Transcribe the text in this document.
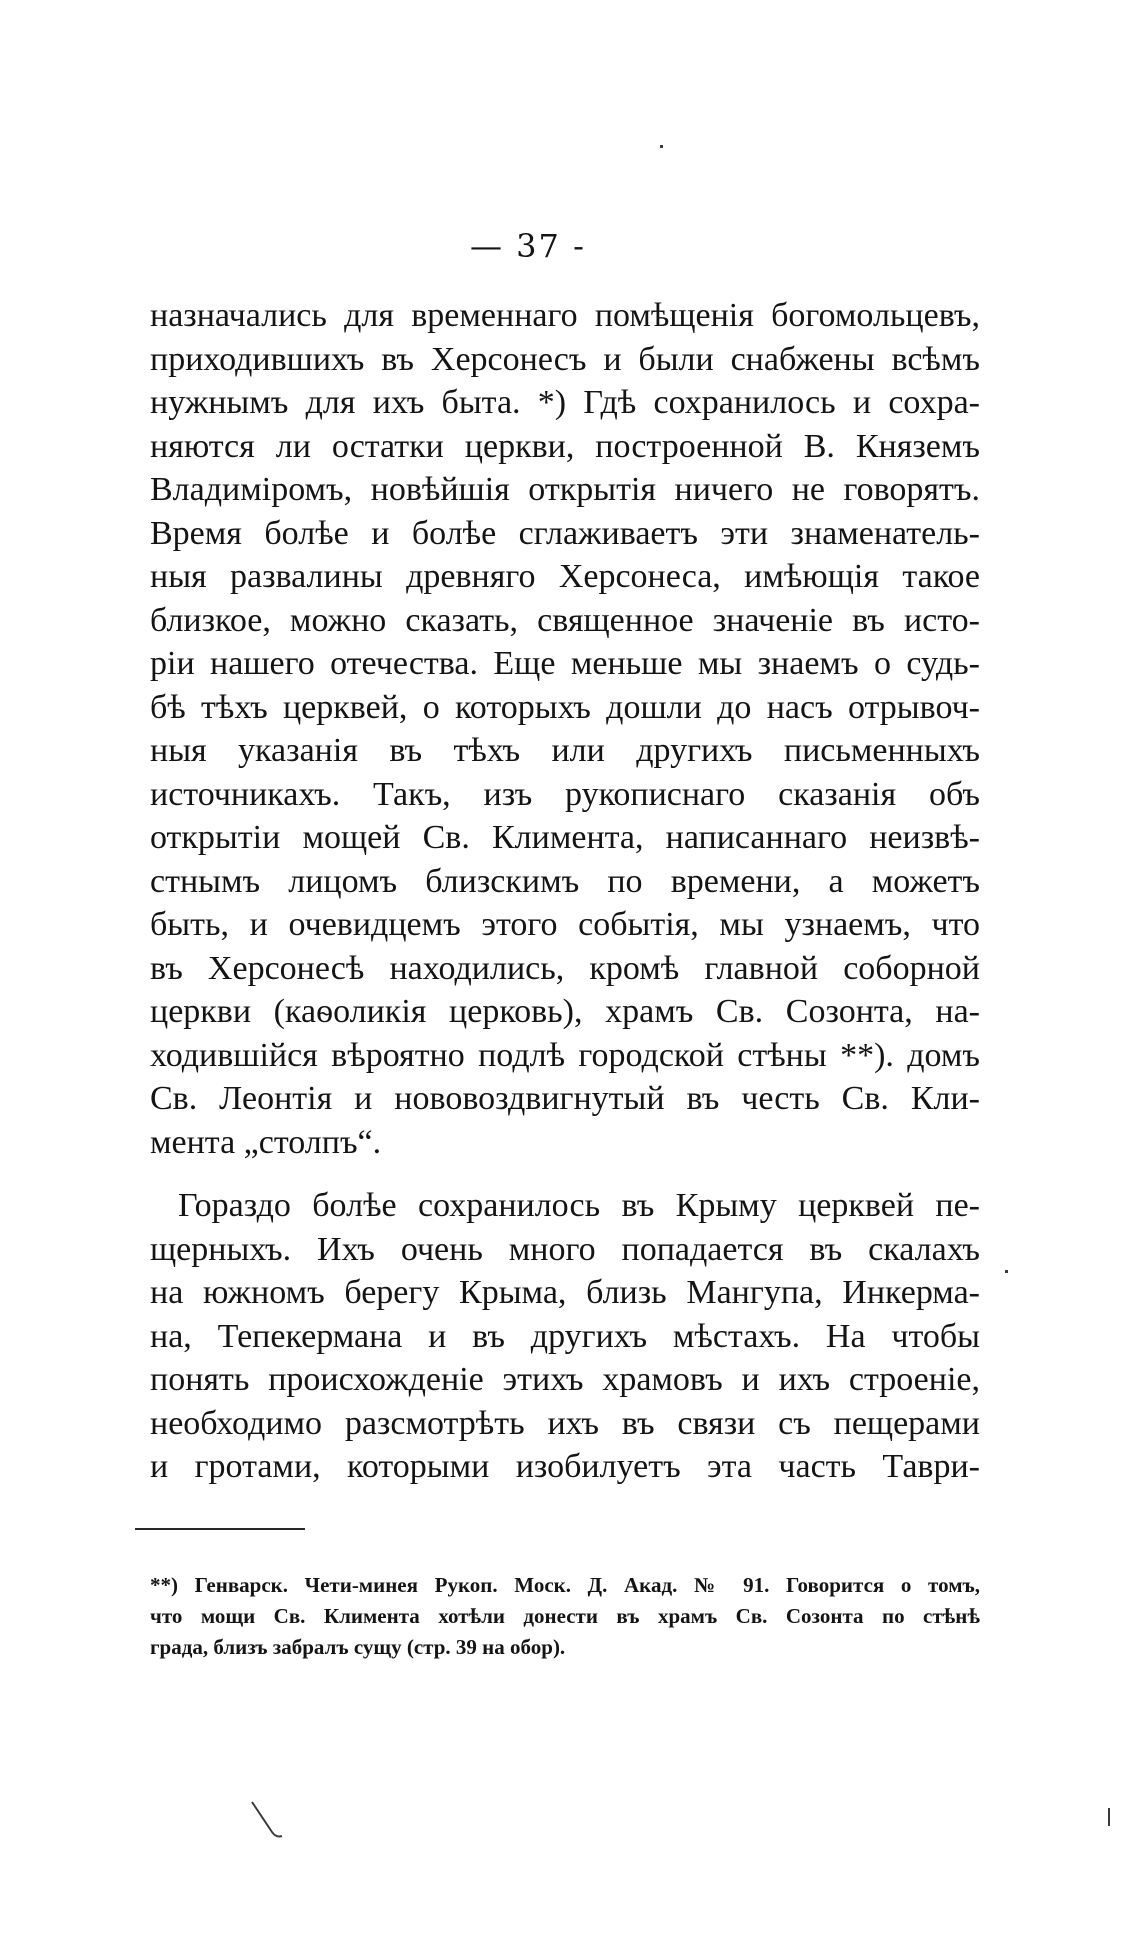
— 37 -
назначались для временнаго помѣщенія богомольцевъ,
приходившихъ въ Херсонесъ и были снабжены всѣмъ
нужнымъ для ихъ быта. *) Гдѣ сохранилось и сохра-
няются ли остатки церкви, построенной В. Княземъ
Владиміромъ, новѣйшія открытія ничего не говорятъ.
Время болѣе и болѣе сглаживаетъ эти знаменатель-
ныя развалины древняго Херсонеса, имѣющія такое
близкое, можно сказать, священное значеніе въ исто-
ріи нашего отечества. Еще меньше мы знаемъ о судь-
бѣ тѣхъ церквей, о которыхъ дошли до насъ отрывоч-
ныя указанія въ тѣхъ или другихъ письменныхъ
источникахъ. Такъ, изъ рукописнаго сказанія объ
открытіи мощей Св. Климента, написаннаго неизвѣ-
стнымъ лицомъ близскимъ по времени, а можетъ
быть, и очевидцемъ этого событія, мы узнаемъ, что
въ Херсонесѣ находились, кромѣ главной соборной
церкви (каѳоликія церковь), храмъ Св. Созонта, на-
ходившійся вѣроятно подлѣ городской стѣны **). домъ
Св. Леонтія и нововоздвигнутый въ честь Св. Кли-
мента „столпъ“.
Гораздо болѣе сохранилось въ Крыму церквей пе-
щерныхъ. Ихъ очень много попадается въ скалахъ
на южномъ берегу Крыма, близь Мангупа, Инкерма-
на, Тепекермана и въ другихъ мѣстахъ. На чтобы
понять происхожденіе этихъ храмовъ и ихъ строеніе,
необходимо разсмотрѣть ихъ въ связи съ пещерами
и гротами, которыми изобилуетъ эта часть Таври-
**) Генварск. Чети-минея Рукоп. Моск. Д. Акад. № 91. Говорится о томъ,
что мощи Св. Климента хотѣли донести въ храмъ Св. Созонта по стѣнѣ
града, близъ забралъ сущу (стр. 39 на обор).
